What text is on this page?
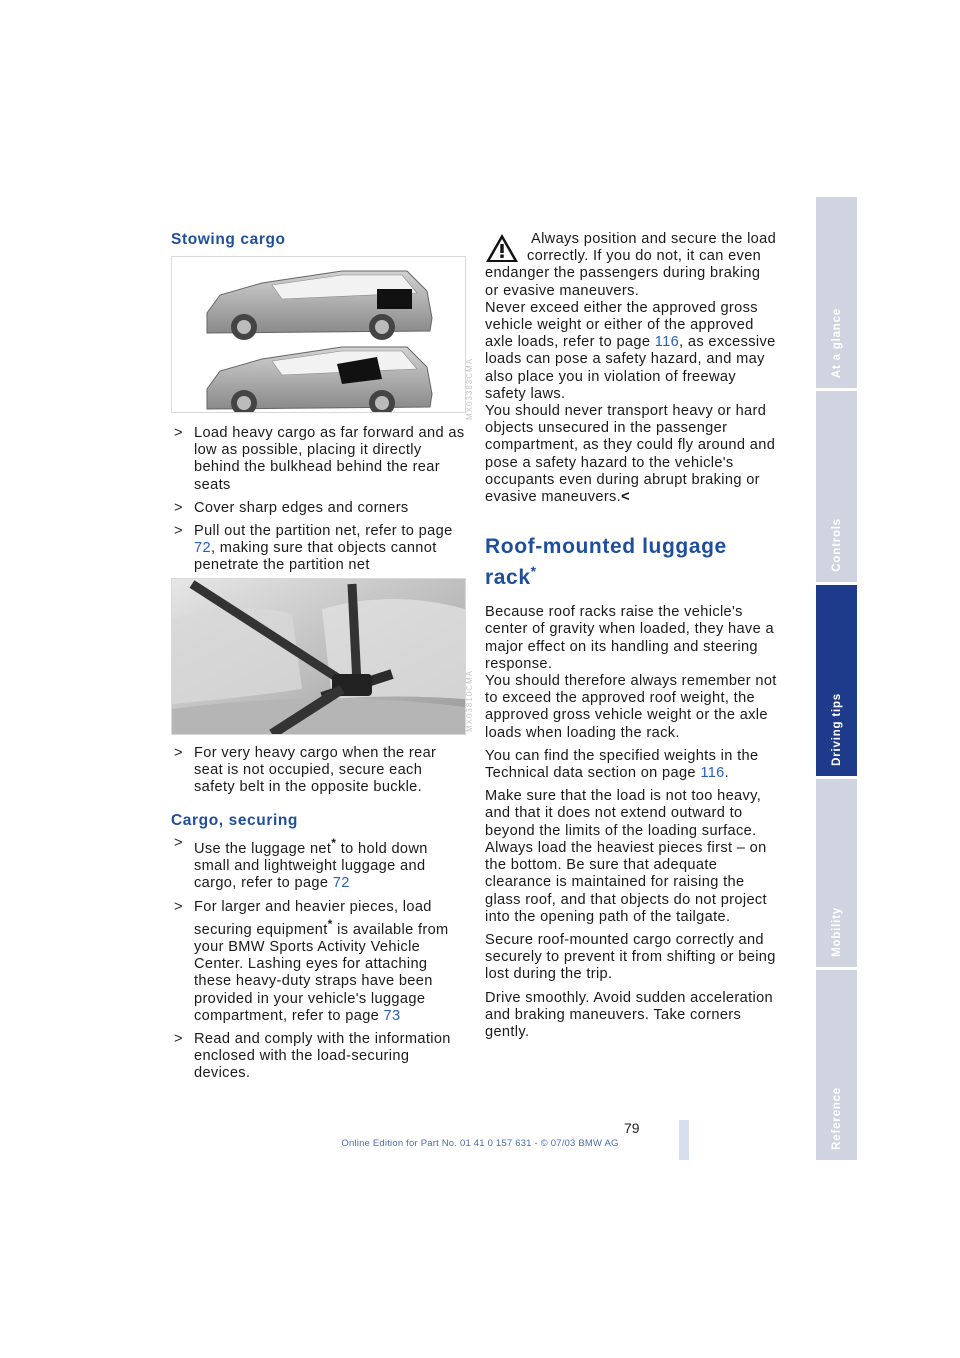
Stowing cargo
MX03383CMA
> Load heavy cargo as far forward and as low as possible, placing it directly behind the bulkhead behind the rear seats
> Cover sharp edges and corners
> Pull out the partition net, refer to page 72, making sure that objects cannot penetrate the partition net
MX03810CMA
> For very heavy cargo when the rear seat is not occupied, secure each safety belt in the opposite buckle.
Cargo, securing
> Use the luggage net* to hold down small and lightweight luggage and cargo, refer to page 72
> For larger and heavier pieces, load securing equipment* is available from your BMW Sports Activity Vehicle Center. Lashing eyes for attaching these heavy-duty straps have been provided in your vehicle's luggage compartment, refer to page 73
> Read and comply with the information enclosed with the load-securing devices.

Always position and secure the load correctly. If you do not, it can even endanger the passengers during braking or evasive maneuvers.

Never exceed either the approved gross vehicle weight or either of the approved axle loads, refer to page 116, as excessive loads can pose a safety hazard, and may also place you in violation of freeway safety laws.

You should never transport heavy or hard objects unsecured in the passenger compartment, as they could fly around and pose a safety hazard to the vehicle's occupants even during abrupt braking or evasive maneuvers.<

Roof-mounted luggage rack*

Because roof racks raise the vehicle's center of gravity when loaded, they have a major effect on its handling and steering response.

You should therefore always remember not to exceed the approved roof weight, the approved gross vehicle weight or the axle loads when loading the rack.

You can find the specified weights in the Technical data section on page 116.

Make sure that the load is not too heavy, and that it does not extend outward to beyond the limits of the loading surface. Always load the heaviest pieces first – on the bottom. Be sure that adequate clearance is maintained for raising the glass roof, and that objects do not project into the opening path of the tailgate.

Secure roof-mounted cargo correctly and securely to prevent it from shifting or being lost during the trip.

Drive smoothly. Avoid sudden acceleration and braking maneuvers. Take corners gently.

At a glance
Controls
Driving tips
Mobility
Reference
79
Online Edition for Part No. 01 41 0 157 631 - © 07/03 BMW AG
